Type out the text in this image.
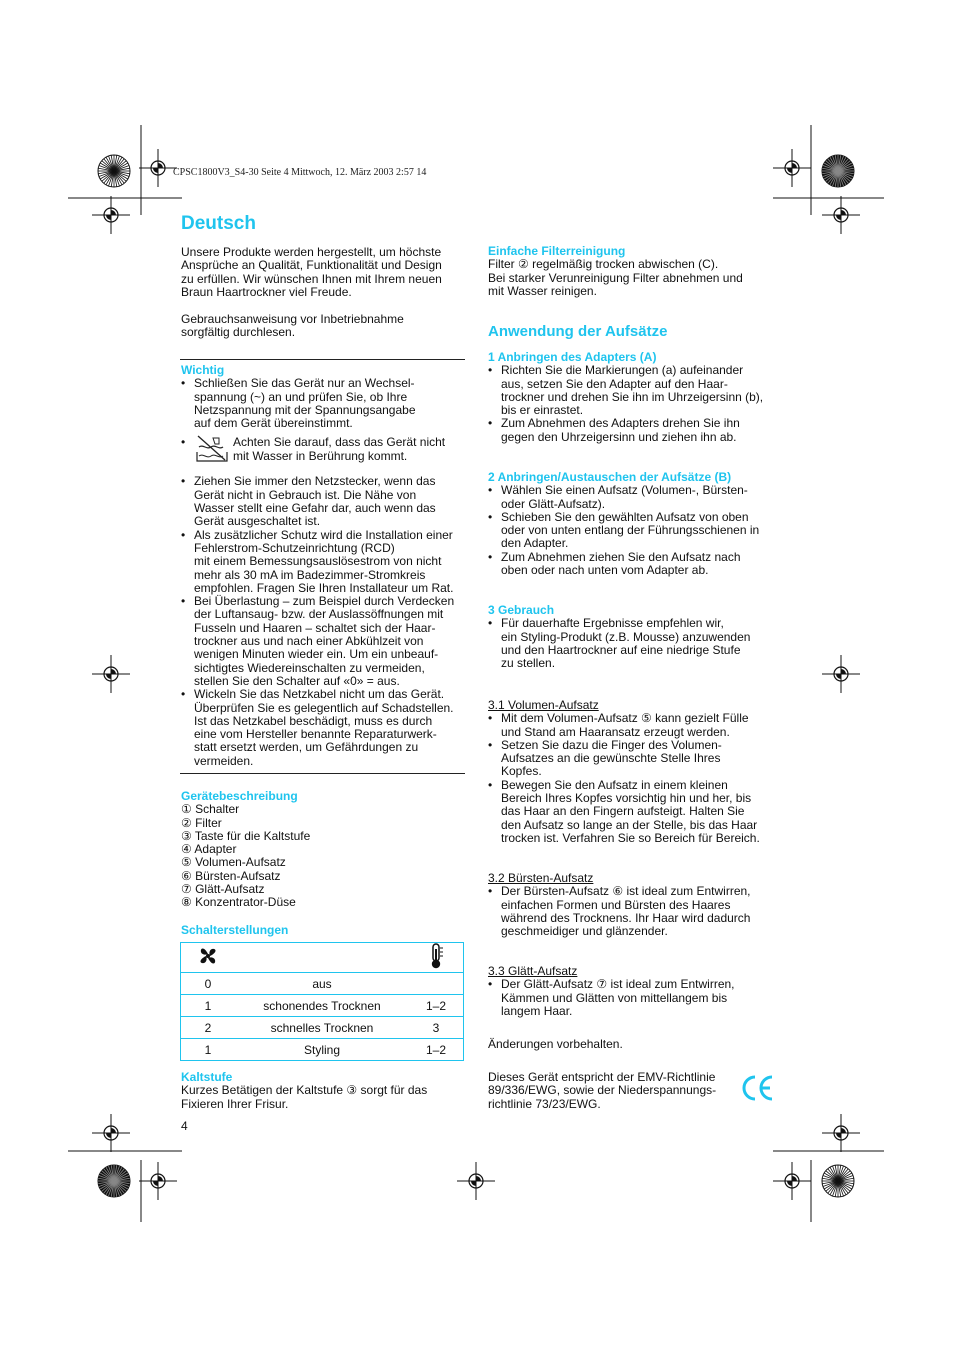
CPSC1800V3_S4-30 Seite 4 Mittwoch, 12. März 2003 2:57 14
Deutsch

Unsere Produkte werden hergestellt, um höchste

Ansprüche an Qualität, Funktionalität und Design

zu erfüllen. Wir wünschen Ihnen mit Ihrem neuen

Braun Haartrockner viel Freude.

Gebrauchsanweisung vor Inbetriebnahme

sorgfältig durchlesen.

Wichtig

• Schließen Sie das Gerät nur an Wechsel-

spannung (~) an und prüfen Sie, ob Ihre

Netzspannung mit der Spannungsangabe

auf dem Gerät übereinstimmt.

• Achten Sie darauf, dass das Gerät nicht

mit Wasser in Berührung kommt.

• Ziehen Sie immer den Netzstecker, wenn das

Gerät nicht in Gebrauch ist. Die Nähe von

Wasser stellt eine Gefahr dar, auch wenn das

Gerät ausgeschaltet ist.

• Als zusätzlicher Schutz wird die Installation einer

Fehlerstrom-Schutzeinrichtung (RCD)

mit einem Bemessungsauslösestrom von nicht

mehr als 30 mA im Badezimmer-Stromkreis

empfohlen. Fragen Sie Ihren Installateur um Rat.

• Bei Überlastung – zum Beispiel durch Verdecken

der Luftansaug- bzw. der Auslassöffnungen mit

Fusseln und Haaren – schaltet sich der Haar-

trockner aus und nach einer Abkühlzeit von

wenigen Minuten wieder ein. Um ein unbeauf-

sichtigtes Wiedereinschalten zu vermeiden,

stellen Sie den Schalter auf «0» = aus.

• Wickeln Sie das Netzkabel nicht um das Gerät.

Überprüfen Sie es gelegentlich auf Schadstellen.

Ist das Netzkabel beschädigt, muss es durch

eine vom Hersteller benannte Reparaturwerk-

statt ersetzt werden, um Gefährdungen zu

vermeiden.

Gerätebeschreibung

① Schalter

② Filter

③ Taste für die Kaltstufe

④ Adapter

⑤ Volumen-Aufsatz

⑥ Bürsten-Aufsatz

⑦ Glätt-Aufsatz

⑧ Konzentrator-Düse

Schalterstellungen

0	aus	
1	schonendes Trocknen	1–2
2	schnelles Trocknen	3
1	Styling	1–2

Kaltstufe

Kurzes Betätigen der Kaltstufe ③ sorgt für das

Fixieren Ihrer Frisur.

4

Einfache Filterreinigung

Filter ② regelmäßig trocken abwischen (C).

Bei starker Verunreinigung Filter abnehmen und

mit Wasser reinigen.

Anwendung der Aufsätze

1 Anbringen des Adapters (A)

• Richten Sie die Markierungen (a) aufeinander

aus, setzen Sie den Adapter auf den Haar-

trockner und drehen Sie ihn im Uhrzeigersinn (b),

bis er einrastet.

• Zum Abnehmen des Adapters drehen Sie ihn

gegen den Uhrzeigersinn und ziehen ihn ab.

2 Anbringen/Austauschen der Aufsätze (B)

• Wählen Sie einen Aufsatz (Volumen-, Bürsten-

oder Glätt-Aufsatz).

• Schieben Sie den gewählten Aufsatz von oben

oder von unten entlang der Führungsschienen in

den Adapter.

• Zum Abnehmen ziehen Sie den Aufsatz nach

oben oder nach unten vom Adapter ab.

3 Gebrauch

• Für dauerhafte Ergebnisse empfehlen wir,

ein Styling-Produkt (z.B. Mousse) anzuwenden

und den Haartrockner auf eine niedrige Stufe

zu stellen.

3.1 Volumen-Aufsatz

• Mit dem Volumen-Aufsatz ⑤ kann gezielt Fülle

und Stand am Haaransatz erzeugt werden.

• Setzen Sie dazu die Finger des Volumen-

Aufsatzes an die gewünschte Stelle Ihres

Kopfes.

• Bewegen Sie den Aufsatz in einem kleinen

Bereich Ihres Kopfes vorsichtig hin und her, bis

das Haar an den Fingern aufsteigt. Halten Sie

den Aufsatz so lange an der Stelle, bis das Haar

trocken ist. Verfahren Sie so Bereich für Bereich.

3.2 Bürsten-Aufsatz

• Der Bürsten-Aufsatz ⑥ ist ideal zum Entwirren,

einfachen Formen und Bürsten des Haares

während des Trocknens. Ihr Haar wird dadurch

geschmeidiger und glänzender.

3.3 Glätt-Aufsatz

• Der Glätt-Aufsatz ⑦ ist ideal zum Entwirren,

Kämmen und Glätten von mittellangem bis

langem Haar.

Änderungen vorbehalten.

Dieses Gerät entspricht der EMV-Richtlinie

89/336/EWG, sowie der Niederspannungs-

richtlinie 73/23/EWG.
